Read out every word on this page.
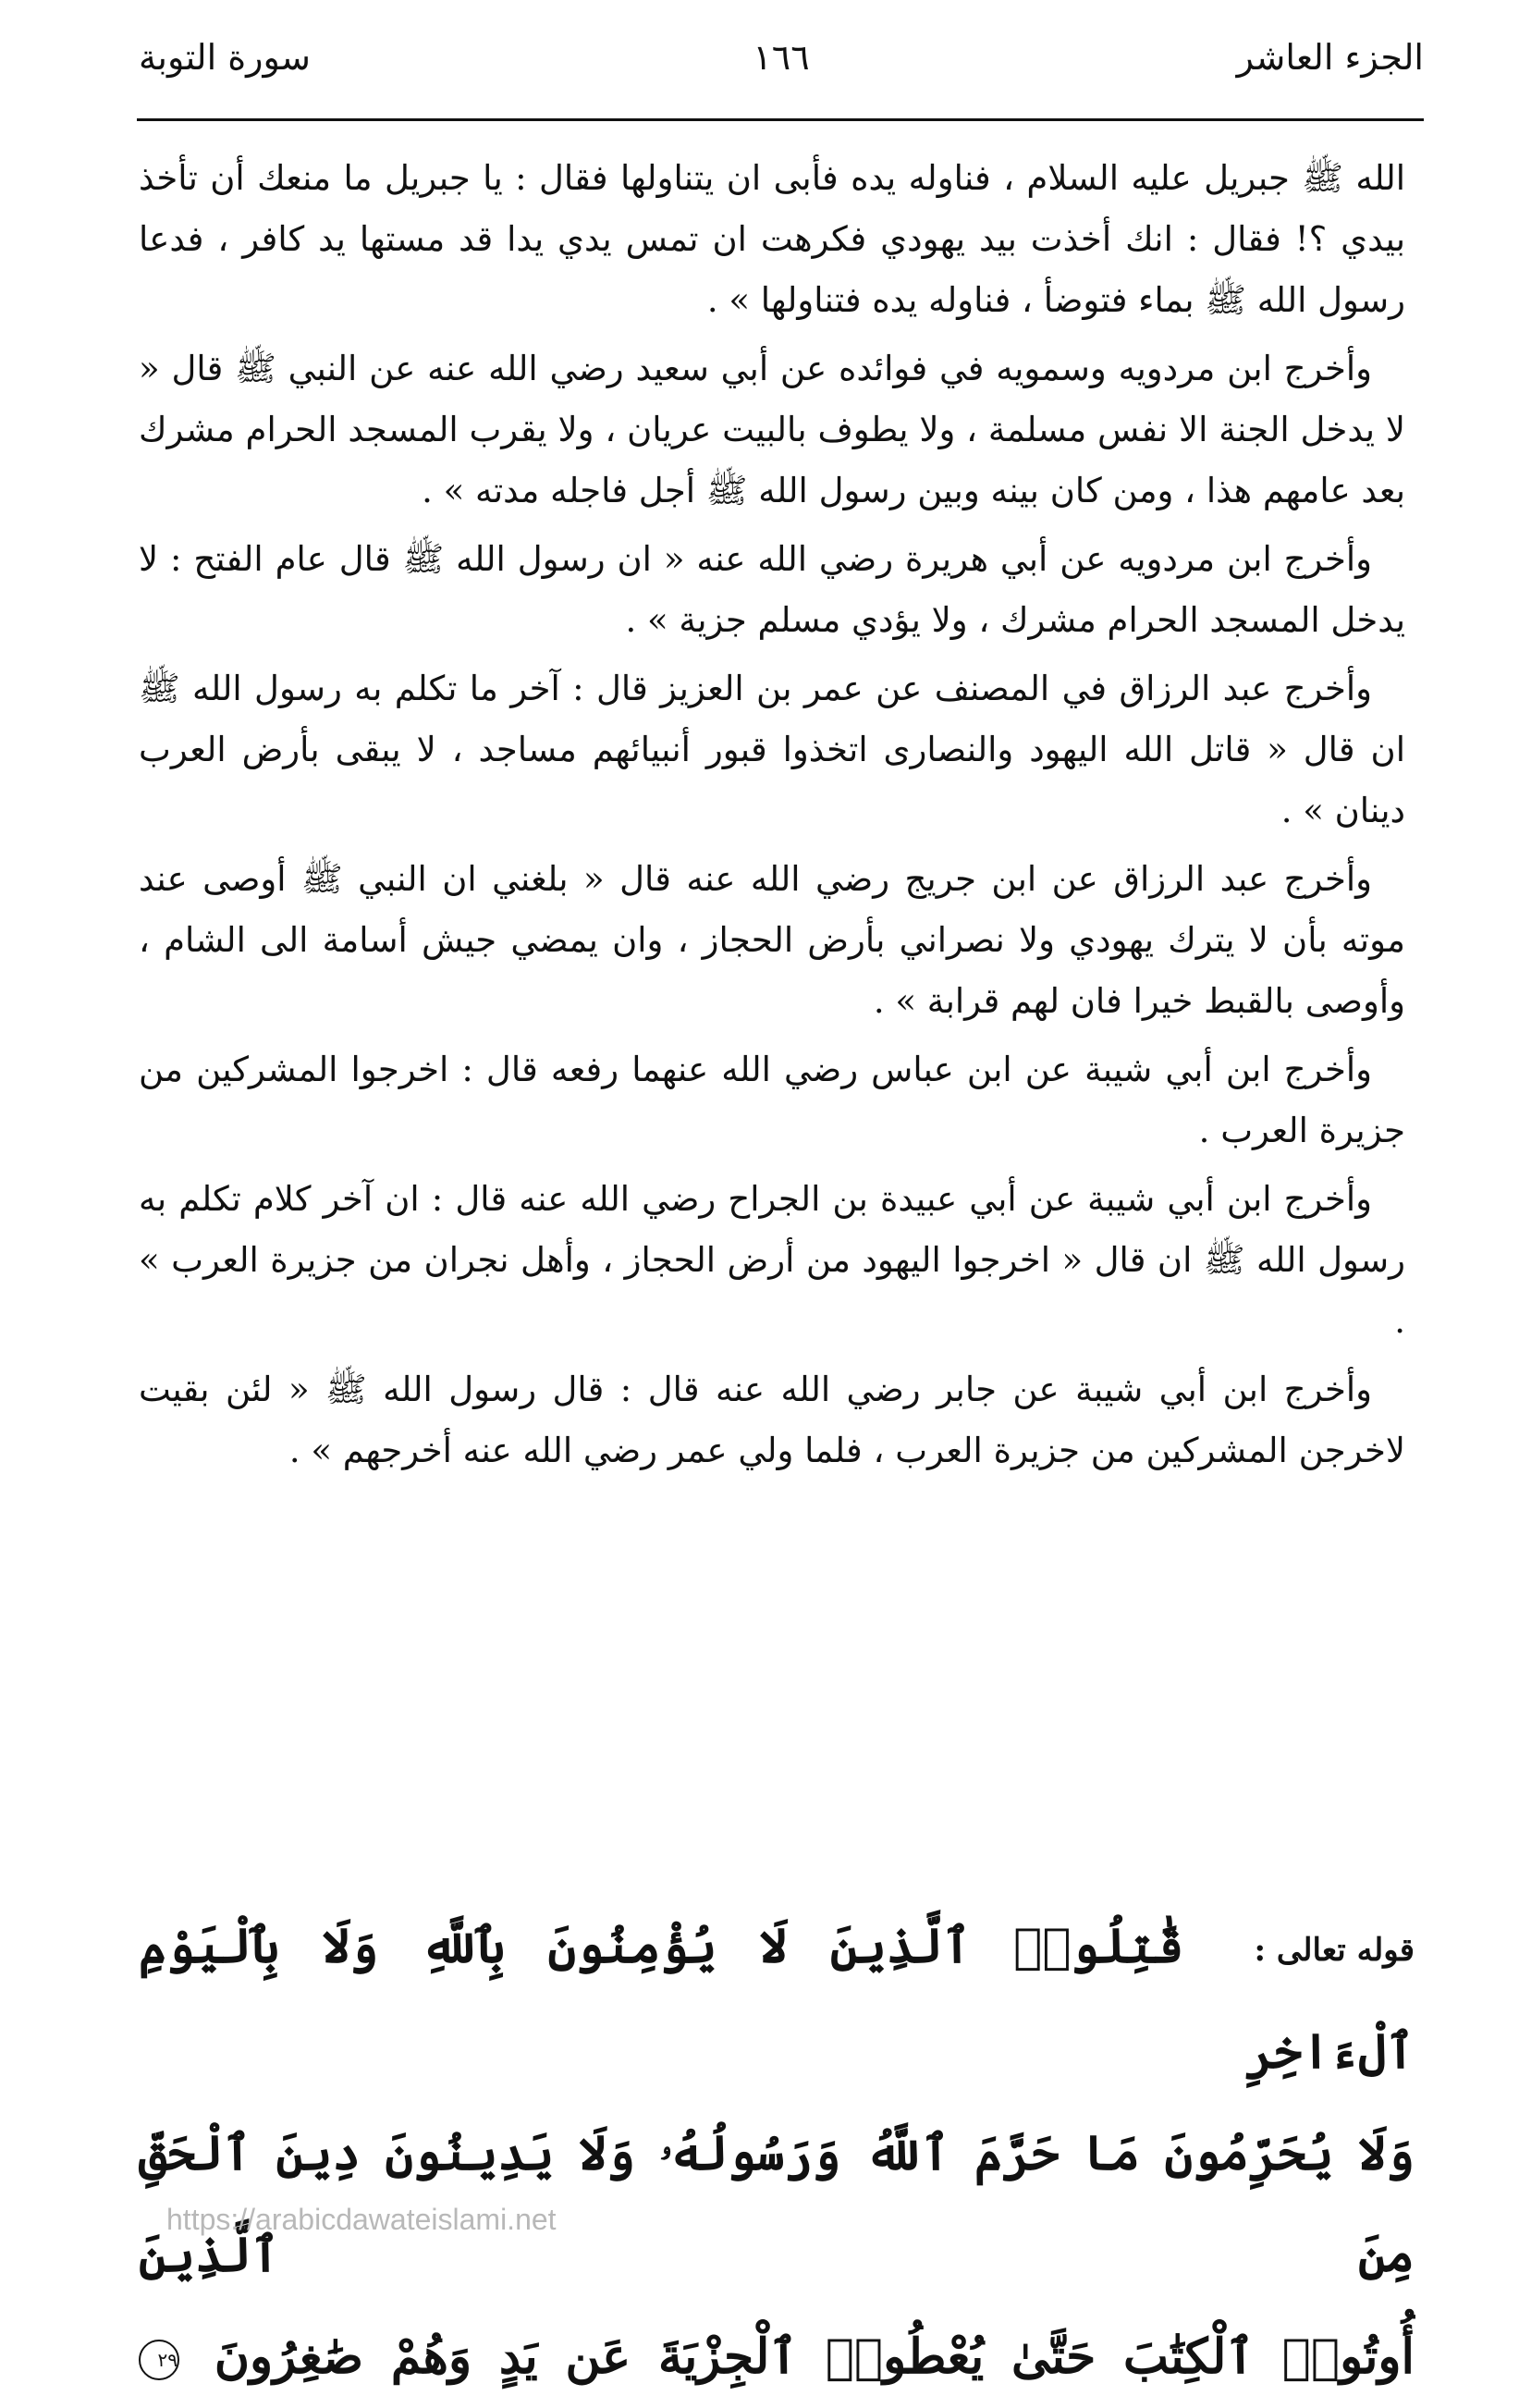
الجزء العاشر
١٦٦
سورة التوبة

الله ﷺ جبريل عليه السلام ، فناوله يده فأبى ان يتناولها فقال : يا جبريل ما منعك أن تأخذ بيدي ؟! فقال : انك أخذت بيد يهودي فكرهت ان تمس يدي يدا قد مستها يد كافر ، فدعا رسول الله ﷺ بماء فتوضأ ، فناوله يده فتناولها » .

وأخرج ابن مردويه وسمويه في فوائده عن أبي سعيد رضي الله عنه عن النبي ﷺ قال « لا يدخل الجنة الا نفس مسلمة ، ولا يطوف بالبيت عريان ، ولا يقرب المسجد الحرام مشرك بعد عامهم هذا ، ومن كان بينه وبين رسول الله ﷺ أجل فاجله مدته » .

وأخرج ابن مردويه عن أبي هريرة رضي الله عنه « ان رسول الله ﷺ قال عام الفتح : لا يدخل المسجد الحرام مشرك ، ولا يؤدي مسلم جزية » .

وأخرج عبد الرزاق في المصنف عن عمر بن العزيز قال : آخر ما تكلم به رسول الله ﷺ ان قال « قاتل الله اليهود والنصارى اتخذوا قبور أنبيائهم مساجد ، لا يبقى بأرض العرب دينان » .

وأخرج عبد الرزاق عن ابن جريج رضي الله عنه قال « بلغني ان النبي ﷺ أوصى عند موته بأن لا يترك يهودي ولا نصراني بأرض الحجاز ، وان يمضي جيش أسامة الى الشام ، وأوصى بالقبط خيرا فان لهم قرابة » .

وأخرج ابن أبي شيبة عن ابن عباس رضي الله عنهما رفعه قال : اخرجوا المشركين من جزيرة العرب .

وأخرج ابن أبي شيبة عن أبي عبيدة بن الجراح رضي الله عنه قال : ان آخر كلام تكلم به رسول الله ﷺ ان قال « اخرجوا اليهود من أرض الحجاز ، وأهل نجران من جزيرة العرب » .

وأخرج ابن أبي شيبة عن جابر رضي الله عنه قال : قال رسول الله ﷺ « لئن بقيت لاخرجن المشركين من جزيرة العرب ، فلما ولي عمر رضي الله عنه أخرجهم » .

قوله تعالى : قَٰتِلُوا۟ ٱلَّذِينَ لَا يُؤْمِنُونَ بِٱللَّهِ وَلَا بِٱلْيَوْمِ ٱلْءَاخِرِ
وَلَا يُحَرِّمُونَ مَا حَرَّمَ ٱللَّهُ وَرَسُولُهُۥ وَلَا يَدِينُونَ دِينَ ٱلْحَقِّ مِنَ ٱلَّذِينَ
أُوتُوا۟ ٱلْكِتَٰبَ حَتَّىٰ يُعْطُوا۟ ٱلْجِزْيَةَ عَن يَدٍ وَهُمْ صَٰغِرُونَ ٢٩
https://arabicdawateislami.net
